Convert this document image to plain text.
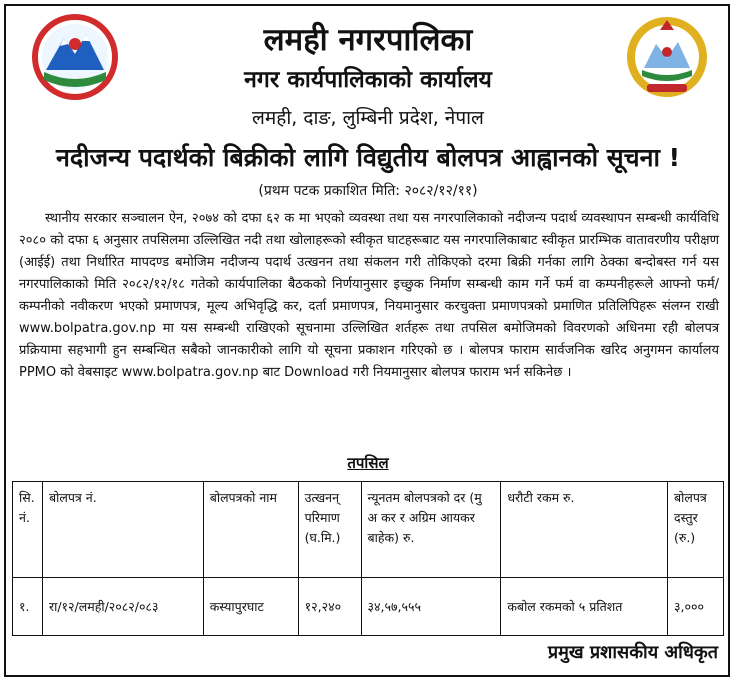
लमही नगरपालिका
नगर कार्यपालिकाको कार्यालय
लमही, दाङ, लुम्बिनी प्रदेश, नेपाल
नदीजन्य पदार्थको बिक्रीको लागि विद्युतीय बोलपत्र आह्वानको सूचना !
(प्रथम पटक प्रकाशित मिति: २०८२/१२/११)

स्थानीय सरकार सञ्चालन ऐन, २०७४ को दफा ६२ क मा भएको व्यवस्था तथा यस नगरपालिकाको नदीजन्य पदार्थ व्यवस्थापन सम्बन्धी कार्यविधि २०८० को दफा ६ अनुसार तपसिलमा उल्लिखित नदी तथा खोलाहरूको स्वीकृत घाटहरूबाट यस नगरपालिकाबाट स्वीकृत प्रारम्भिक वातावरणीय परीक्षण (आईई) तथा निर्धारित मापदण्ड बमोजिम नदीजन्य पदार्थ उत्खनन तथा संकलन गरी तोकिएको दरमा बिक्री गर्नका लागि ठेक्का बन्दोबस्त गर्न यस नगरपालिकाको मिति २०८२/१२/१८ गतेको कार्यपालिका बैठकको निर्णयानुसार इच्छुक निर्माण सम्बन्धी काम गर्ने फर्म वा कम्पनीहरूले आफ्नो फर्म/कम्पनीको नवीकरण भएको प्रमाणपत्र, मूल्य अभिवृद्धि कर, दर्ता प्रमाणपत्र, नियमानुसार करचुक्ता प्रमाणपत्रको प्रमाणित प्रतिलिपिहरू संलग्न राखी www.bolpatra.gov.np मा यस सम्बन्धी राखिएको सूचनामा उल्लिखित शर्तहरू तथा तपसिल बमोजिमको विवरणको अधिनमा रही बोलपत्र प्रक्रियामा सहभागी हुन सम्बन्धित सबैको जानकारीको लागि यो सूचना प्रकाशन गरिएको छ । बोलपत्र फाराम सार्वजनिक खरिद अनुगमन कार्यालय PPMO को वेबसाइट www.bolpatra.gov.np बाट Download गरी नियमानुसार बोलपत्र फाराम भर्न सकिनेछ ।

तपसिल
सि. नं.	बोलपत्र नं.	बोलपत्रको नाम	उत्खनन् परिमाण (घ.मि.)	न्यूनतम बोलपत्रको दर (मु अ कर र अग्रिम आयकर बाहेक) रु.	धरौटी रकम रु.	बोलपत्र दस्तुर (रु.)
१.	रा/१२/लमही/२०८२/०८३	कस्यापुरघाट	१२,२४०	३४,५७,५५५	कबोल रकमको ५ प्रतिशत	३,०००
प्रमुख प्रशासकीय अधिकृत
